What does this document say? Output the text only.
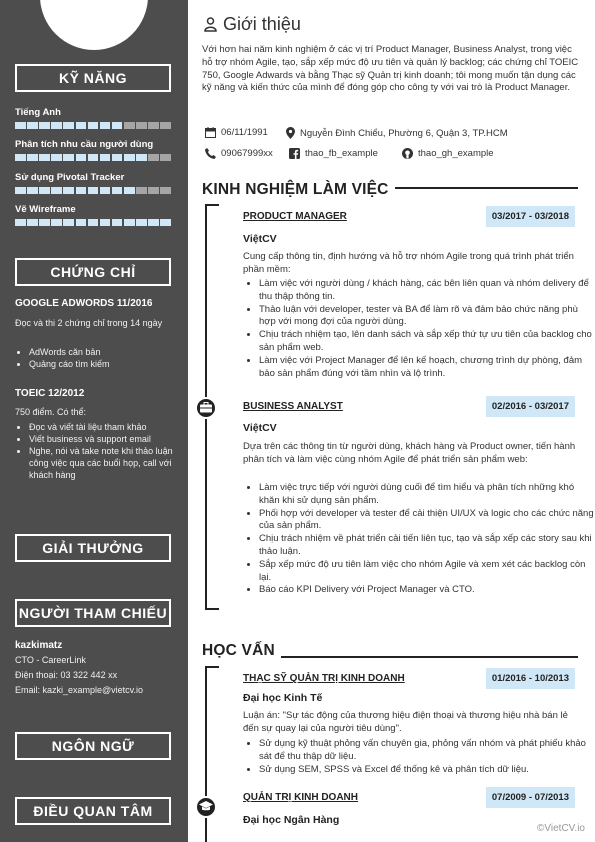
KỸ NĂNG
Tiếng Anh
Phân tích nhu cầu người dùng
Sử dụng Pivotal Tracker
Vẽ Wireframe
CHỨNG CHỈ
GOOGLE ADWORDS 11/2016
Đọc và thi 2 chứng chỉ trong 14 ngày
• AdWords căn bản
• Quảng cáo tìm kiếm
TOEIC 12/2012
750 điểm. Có thể:
• Đọc và viết tài liệu tham khảo
• Viết business và support email
• Nghe, nói và take note khi thảo luận công việc qua các buổi họp, call với khách hàng
GIẢI THƯỞNG
NGƯỜI THAM CHIẾU
kazkimatz
CTO - CareerLink
Điện thoại: 03 322 442 xx
Email: kazki_example@vietcv.io
NGÔN NGỮ
ĐIỀU QUAN TÂM
Giới thiệu
Với hơn hai năm kinh nghiệm ở các vị trí Product Manager, Business Analyst, trong việc hỗ trợ nhóm Agile, tạo, sắp xếp mức độ ưu tiên và quản lý backlog; các chứng chỉ TOEIC 750, Google Adwards và bằng Thạc sỹ Quản trị kinh doanh; tôi mong muốn tận dụng các kỹ năng và kiến thức của mình để đóng góp cho công ty với vai trò là Product Manager.
06/11/1991	Nguyễn Đình Chiểu, Phường 6, Quận 3, TP.HCM
09067999xx	thao_fb_example	thao_gh_example
KINH NGHIỆM LÀM VIỆC
PRODUCT MANAGER	03/2017 - 03/2018
ViệtCV
Cung cấp thông tin, định hướng và hỗ trợ nhóm Agile trong quá trình phát triển phần mềm:
• Làm việc với người dùng / khách hàng, các bên liên quan và nhóm delivery để thu thập thông tin.
• Thảo luận với developer, tester và BA để làm rõ và đảm bảo chức năng phù hợp với mong đợi của người dùng.
• Chịu trách nhiệm tạo, lên danh sách và sắp xếp thứ tự ưu tiên của backlog cho sản phẩm web.
• Làm việc với Project Manager để lên kế hoạch, chương trình dự phòng, đảm bảo sản phẩm đúng với tầm nhìn và lộ trình.
BUSINESS ANALYST	02/2016 - 03/2017
ViệtCV
Dựa trên các thông tin từ người dùng, khách hàng và Product owner, tiến hành phân tích và làm việc cùng nhóm Agile để phát triển sản phẩm web:
• Làm việc trực tiếp với người dùng cuối để tìm hiểu và phân tích những khó khăn khi sử dụng sản phẩm.
• Phối hợp với developer và tester để cải thiện UI/UX và logic cho các chức năng của sản phẩm.
• Chịu trách nhiệm về phát triển cải tiến liên tục, tạo và sắp xếp các story sau khi thảo luận.
• Sắp xếp mức độ ưu tiên làm việc cho nhóm Agile và xem xét các backlog còn lại.
• Báo cáo KPI Delivery với Project Manager và CTO.
HỌC VẤN
THẠC SỸ QUẢN TRỊ KINH DOANH	01/2016 - 10/2013
Đại học Kinh Tế
Luận án: "Sự tác động của thương hiệu điện thoại và thương hiệu nhà bán lẻ đến sự quay lại của người tiêu dùng".
• Sử dụng kỹ thuật phỏng vấn chuyên gia, phỏng vấn nhóm và phát phiếu khảo sát để thu thập dữ liệu.
• Sử dụng SEM, SPSS và Excel để thống kê và phân tích dữ liệu.
QUẢN TRỊ KINH DOANH	07/2009 - 07/2013
Đại học Ngân Hàng
©VietCV.io
